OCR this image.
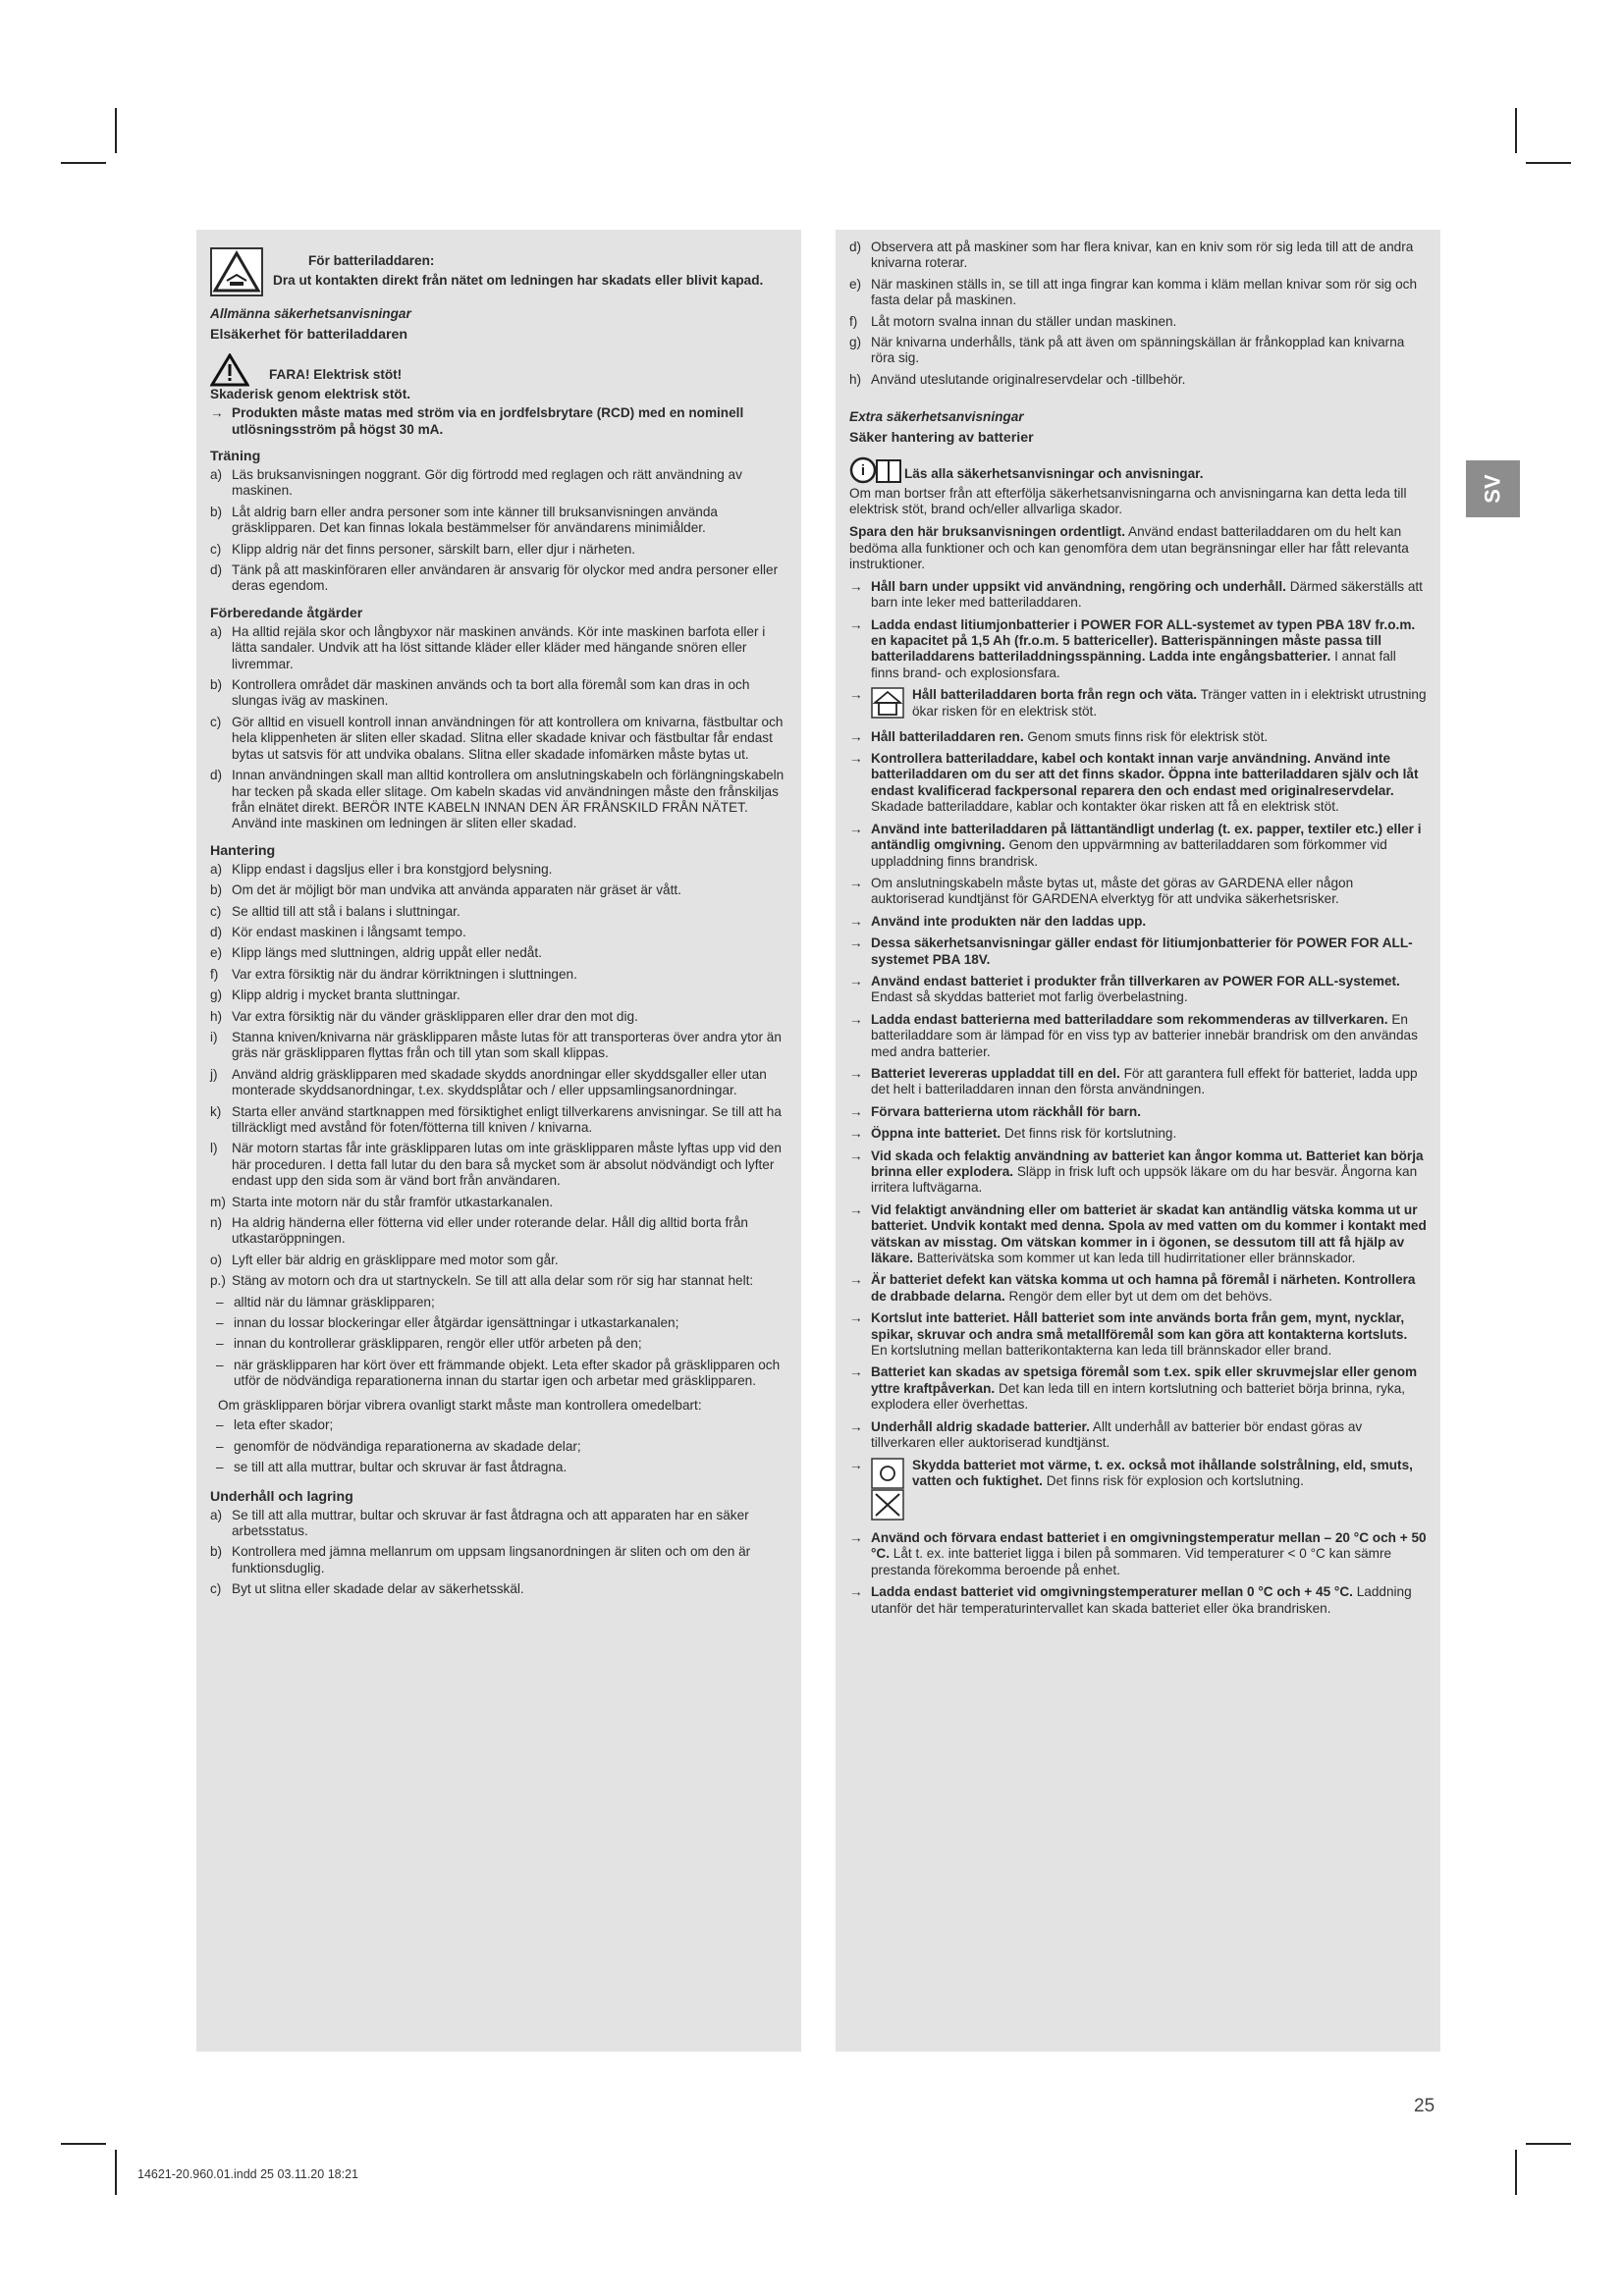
SV
För batteriladdaren:
Dra ut kontakten direkt från nätet om ledningen har skadats eller blivit kapad.
Allmänna säkerhetsanvisningar
Elsäkerhet för batteriladdaren
FARA! Elektrisk stöt!
Skaderisk genom elektrisk stöt.
→ Produkten måste matas med ström via en jordfelsbrytare (RCD) med en nominell utlösningsström på högst 30 mA.
Träning
a) Läs bruksanvisningen noggrant. Gör dig förtrodd med reglagen och rätt användning av maskinen.
b) Låt aldrig barn eller andra personer som inte känner till bruksanvisningen använda gräsklipparen. Det kan finnas lokala bestämmelser för användarens minimiålder.
c) Klipp aldrig när det finns personer, särskilt barn, eller djur i närheten.
d) Tänk på att maskinföraren eller användaren är ansvarig för olyckor med andra personer eller deras egendom.
Förberedande åtgärder
a) Ha alltid rejäla skor och långbyxor när maskinen används. Kör inte maskinen barfota eller i lätta sandaler. Undvik att ha löst sittande kläder eller kläder med hängande snören eller livremmar.
b) Kontrollera området där maskinen används och ta bort alla föremål som kan dras in och slungas iväg av maskinen.
c) Gör alltid en visuell kontroll innan användningen för att kontrollera om knivarna, fästbultar och hela klippenheten är sliten eller skadad. Slitna eller skadade knivar och fästbultar får endast bytas ut satsvis för att undvika obalans. Slitna eller skadade infomärken måste bytas ut.
d) Innan användningen skall man alltid kontrollera om anslutningskabeln och förlängningskabeln har tecken på skada eller slitage. Om kabeln skadas vid användningen måste den frånskiljas från elnätet direkt. BERÖR INTE KABELN INNAN DEN ÄR FRÅNSKILD FRÅN NÄTET. Använd inte maskinen om ledningen är sliten eller skadad.
Hantering
a) Klipp endast i dagsljus eller i bra konstgjord belysning.
b) Om det är möjligt bör man undvika att använda apparaten när gräset är vått.
c) Se alltid till att stå i balans i sluttningar.
d) Kör endast maskinen i långsamt tempo.
e) Klipp längs med sluttningen, aldrig uppåt eller nedåt.
f)	Var extra försiktig när du ändrar körriktningen i sluttningen.
g) Klipp aldrig i mycket branta sluttningar.
h) Var extra försiktig när du vänder gräsklipparen eller drar den mot dig.
i)	Stanna kniven/knivarna när gräsklipparen måste lutas för att transporteras över andra ytor än gräs när gräsklipparen flyttas från och till ytan som skall klippas.
j)	Använd aldrig gräsklipparen med skadade skydds anordningar eller skyddsgaller eller utan monterade skyddsanordningar, t.ex. skyddsplåtar och / eller uppsamlingsanordningar.
k) Starta eller använd startknappen med försiktighet enligt tillverkarens anvisningar. Se till att ha tillräckligt med avstånd för foten/fötterna till kniven / knivarna.
l)	När motorn startas får inte gräsklipparen lutas om inte gräsklipparen måste lyftas upp vid den här proceduren. I detta fall lutar du den bara så mycket som är absolut nödvändigt och lyfter endast upp den sida som är vänd bort från användaren.
m) Starta inte motorn när du står framför utkastarkanalen.
n) Ha aldrig händerna eller fötterna vid eller under roterande delar. Håll dig alltid borta från utkastaröppningen.
o) Lyft eller bär aldrig en gräsklippare med motor som går.
p.) Stäng av motorn och dra ut startnyckeln. Se till att alla delar som rör sig har stannat helt:
– alltid när du lämnar gräsklipparen;
– innan du lossar blockeringar eller åtgärdar igensättningar i utkastarkanalen;
– innan du kontrollerar gräsklipparen, rengör eller utför arbeten på den;
– när gräsklipparen har kört över ett främmande objekt. Leta efter skador på gräsklipparen och utför de nödvändiga reparationerna innan du startar igen och arbetar med gräsklipparen.
Om gräsklipparen börjar vibrera ovanligt starkt måste man kontrollera omedelbart:
– leta efter skador;
– genomför de nödvändiga reparationerna av skadade delar;
– se till att alla muttrar, bultar och skruvar är fast åtdragna.
Underhåll och lagring
a) Se till att alla muttrar, bultar och skruvar är fast åtdragna och att apparaten har en säker arbetsstatus.
b) Kontrollera med jämna mellanrum om uppsam lingsanordningen är sliten och om den är funktionsduglig.
c) Byt ut slitna eller skadade delar av säkerhetsskäl.
d) Observera att på maskiner som har flera knivar, kan en kniv som rör sig leda till att de andra knivarna roterar.
e) När maskinen ställs in, se till att inga fingrar kan komma i kläm mellan knivar som rör sig och fasta delar på maskinen.
f)	Låt motorn svalna innan du ställer undan maskinen.
g) När knivarna underhålls, tänk på att även om spänningskällan är frånkopplad kan knivarna röra sig.
h) Använd uteslutande originalreservdelar och -tillbehör.
Extra säkerhetsanvisningar
Säker hantering av batterier
i	Läs alla säkerhetsanvisningar och anvisningar.
Om man bortser från att efterfölja säkerhetsanvisningarna och anvisningarna kan detta leda till elektrisk stöt, brand och/eller allvarliga skador.
Spara den här bruksanvisningen ordentligt. Använd endast batteriladdaren om du helt kan bedöma alla funktioner och och kan genomföra dem utan begränsningar eller har fått relevanta instruktioner.
→ Håll barn under uppsikt vid användning, rengöring och underhåll. Därmed säkerställs att barn inte leker med batteriladdaren.
→ Ladda endast litiumjonbatterier i POWER FOR ALL-systemet av typen PBA 18V fr.o.m. en kapacitet på 1,5 Ah (fr.o.m. 5 battericeller). Batterispänningen måste passa till batteriladdarens batteriladdningsspänning. Ladda inte engångsbatterier. I annat fall finns brand- och explosionsfara.
→	Håll batteriladdaren borta från regn och väta. Tränger vatten in i elektriskt utrustning ökar risken för en elektrisk stöt.
→ Håll batteriladdaren ren. Genom smuts finns risk för elektrisk stöt.
→ Kontrollera batteriladdare, kabel och kontakt innan varje användning. Använd inte batteriladdaren om du ser att det finns skador. Öppna inte batteriladdaren själv och låt endast kvalificerad fackpersonal reparera den och endast med originalreservdelar. Skadade batteriladdare, kablar och kontakter ökar risken att få en elektrisk stöt.
→ Använd inte batteriladdaren på lättantändligt underlag (t. ex. papper, textiler etc.) eller i antändlig omgivning. Genom den uppvärmning av batteriladdaren som förkommer vid uppladdning finns brandrisk.
→ Om anslutningskabeln måste bytas ut, måste det göras av GARDENA eller någon auktoriserad kundtjänst för GARDENA elverktyg för att undvika säkerhetsrisker.
→ Använd inte produkten när den laddas upp.
→ Dessa säkerhetsanvisningar gäller endast för litiumjonbatterier för POWER FOR ALL-systemet PBA 18V.
→ Använd endast batteriet i produkter från tillverkaren av POWER FOR ALL-systemet. Endast så skyddas batteriet mot farlig överbelastning.
→ Ladda endast batterierna med batteriladdare som rekommenderas av tillverkaren. En batteriladdare som är lämpad för en viss typ av batterier innebär brandrisk om den användas med andra batterier.
→ Batteriet levereras uppladdat till en del. För att garantera full effekt för batteriet, ladda upp det helt i batteriladdaren innan den första användningen.
→ Förvara batterierna utom räckhåll för barn.
→ Öppna inte batteriet. Det finns risk för kortslutning.
→ Vid skada och felaktig användning av batteriet kan ångor komma ut. Batteriet kan börja brinna eller explodera. Släpp in frisk luft och uppsök läkare om du har besvär. Ångorna kan irritera luftvägarna.
→ Vid felaktigt användning eller om batteriet är skadat kan antändlig vätska komma ut ur batteriet. Undvik kontakt med denna. Spola av med vatten om du kommer i kontakt med vätskan av misstag. Om vätskan kommer in i ögonen, se dessutom till att få hjälp av läkare. Batterivätska som kommer ut kan leda till hudirritationer eller brännskador.
→ Är batteriet defekt kan vätska komma ut och hamna på föremål i närheten. Kontrollera de drabbade delarna. Rengör dem eller byt ut dem om det behövs.
→ Kortslut inte batteriet. Håll batteriet som inte används borta från gem, mynt, nycklar, spikar, skruvar och andra små metallföremål som kan göra att kontakterna kortsluts. En kortslutning mellan batterikontakterna kan leda till brännskador eller brand.
→ Batteriet kan skadas av spetsiga föremål som t.ex. spik eller skruvmejslar eller genom yttre kraftpåverkan. Det kan leda till en intern kortslutning och batteriet börja brinna, ryka, explodera eller överhettas.
→ Underhåll aldrig skadade batterier. Allt underhåll av batterier bör endast göras av tillverkaren eller auktoriserad kundtjänst.
→	Skydda batteriet mot värme, t. ex. också mot ihållande solstrålning, eld, smuts, vatten och fuktighet. Det finns risk för explosion och kortslutning.
→ Använd och förvara endast batteriet i en omgivningstemperatur mellan – 20 °C och + 50 °C. Låt t. ex. inte batteriet ligga i bilen på sommaren. Vid temperaturer < 0 °C kan sämre prestanda förekomma beroende på enhet.
→ Ladda endast batteriet vid omgivningstemperaturer mellan 0 °C och + 45 °C. Laddning utanför det här temperaturintervallet kan skada batteriet eller öka brandrisken.
25
14621-20.960.01.indd 25 03.11.20 18:21
